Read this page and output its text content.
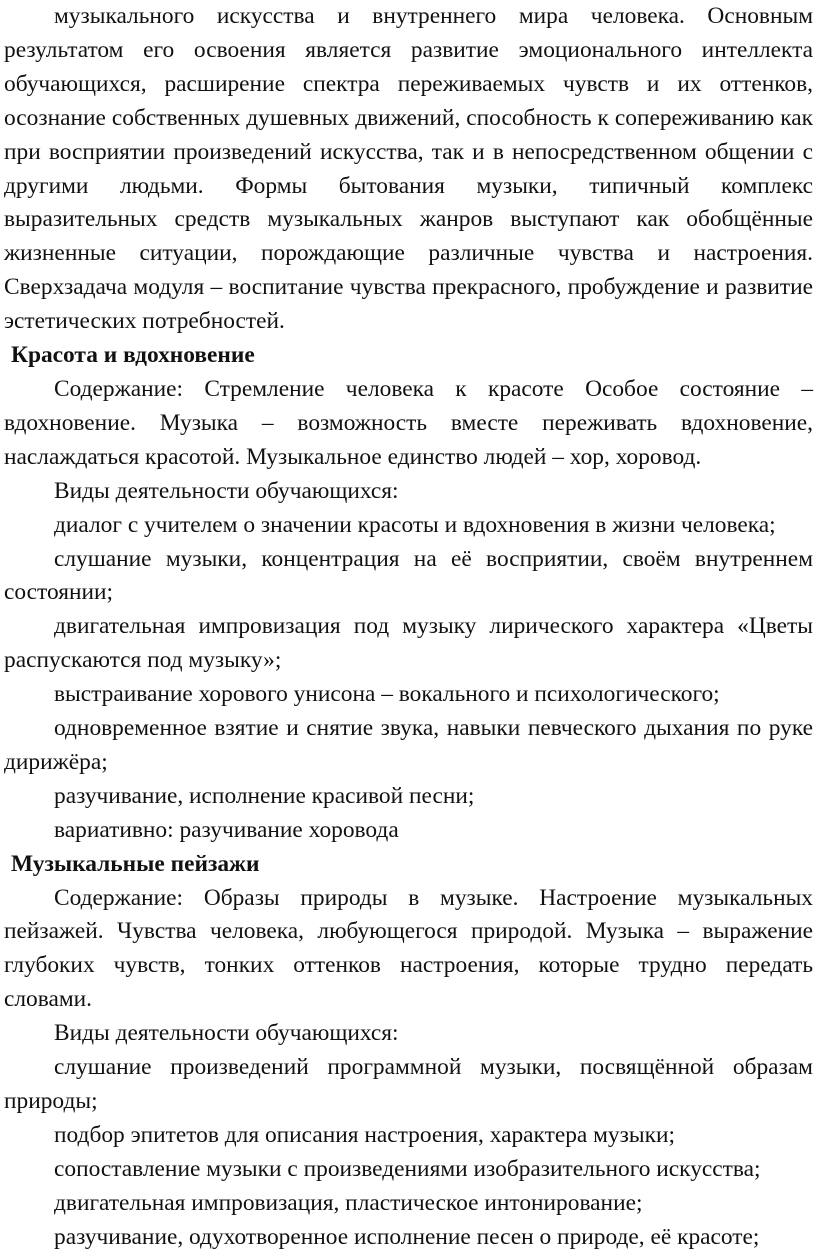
музыкального искусства и внутреннего мира человека. Основным результатом его освоения является развитие эмоционального интеллекта обучающихся, расширение спектра переживаемых чувств и их оттенков, осознание собственных душевных движений, способность к сопереживанию как при восприятии произведений искусства, так и в непосредственном общении с другими людьми. Формы бытования музыки, типичный комплекс выразительных средств музыкальных жанров выступают как обобщённые жизненные ситуации, порождающие различные чувства и настроения. Сверхзадача модуля – воспитание чувства прекрасного, пробуждение и развитие эстетических потребностей.

Красота и вдохновение

Содержание: Стремление человека к красоте Особое состояние – вдохновение. Музыка – возможность вместе переживать вдохновение, наслаждаться красотой. Музыкальное единство людей – хор, хоровод.

Виды деятельности обучающихся:

диалог с учителем о значении красоты и вдохновения в жизни человека;

слушание музыки, концентрация на её восприятии, своём внутреннем состоянии;

двигательная импровизация под музыку лирического характера «Цветы распускаются под музыку»;

выстраивание хорового унисона – вокального и психологического;

одновременное взятие и снятие звука, навыки певческого дыхания по руке дирижёра;

разучивание, исполнение красивой песни;

вариативно: разучивание хоровода

Музыкальные пейзажи

Содержание: Образы природы в музыке. Настроение музыкальных пейзажей. Чувства человека, любующегося природой. Музыка – выражение глубоких чувств, тонких оттенков настроения, которые трудно передать словами.

Виды деятельности обучающихся:

слушание произведений программной музыки, посвящённой образам природы;

подбор эпитетов для описания настроения, характера музыки;

сопоставление музыки с произведениями изобразительного искусства;

двигательная импровизация, пластическое интонирование;

разучивание, одухотворенное исполнение песен о природе, её красоте;
